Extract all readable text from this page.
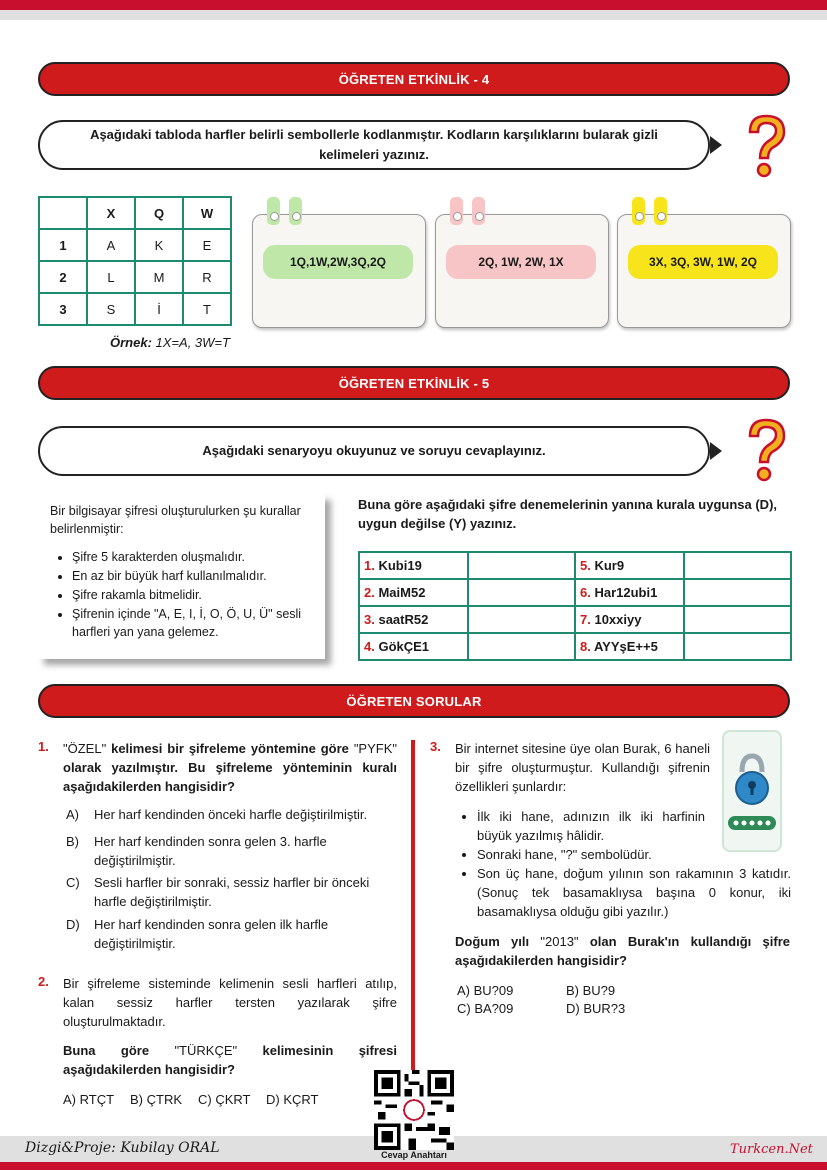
ÖĞRETEN ETKİNLİK - 4
Aşağıdaki tabloda harfler belirli sembollerle kodlanmıştır. Kodların karşılıklarını bularak gizli kelimeleri yazınız.
	X	Q	W
1	A	K	E
2	L	M	R
3	S	İ	T
Örnek: 1X=A, 3W=T
1Q,1W,2W,3Q,2Q	2Q, 1W, 2W, 1X	3X, 3Q, 3W, 1W, 2Q
ÖĞRETEN ETKİNLİK - 5
Aşağıdaki senaryoyu okuyunuz ve soruyu cevaplayınız.
Bir bilgisayar şifresi oluşturulurken şu kurallar belirlenmiştir:
• Şifre 5 karakterden oluşmalıdır.
• En az bir büyük harf kullanılmalıdır.
• Şifre rakamla bitmelidir.
• Şifrenin içinde "A, E, I, İ, O, Ö, U, Ü" sesli harfleri yan yana gelemez.
Buna göre aşağıdaki şifre denemelerinin yanına kurala uygunsa (D), uygun değilse (Y) yazınız.
1. Kubi19		5. Kur9	
2. MaiM52		6. Har12ubi1	
3. saatR52		7. 10xxiyy	
4. GökÇE1		8. AYYşE++5	
ÖĞRETEN SORULAR
1. "ÖZEL" kelimesi bir şifreleme yöntemine göre "PYFK" olarak yazılmıştır. Bu şifreleme yönteminin kuralı aşağıdakilerden hangisidir?
A) Her harf kendinden önceki harfle değiştirilmiştir.
B) Her harf kendinden sonra gelen 3. harfle değiştirilmiştir.
C) Sesli harfler bir sonraki, sessiz harfler bir önceki harfle değiştirilmiştir.
D) Her harf kendinden sonra gelen ilk harfle değiştirilmiştir.
2. Bir şifreleme sisteminde kelimenin sesli harfleri atılıp, kalan sessiz harfler tersten yazılarak şifre oluşturulmaktadır.
Buna göre "TÜRKÇE" kelimesinin şifresi aşağıdakilerden hangisidir?
A) RTÇT B) ÇTRK C) ÇKRT D) KÇRT
3. Bir internet sitesine üye olan Burak, 6 haneli bir şifre oluşturmuştur. Kullandığı şifrenin özellikleri şunlardır:
• İlk iki hane, adınızın ilk iki harfinin büyük yazılmış hâlidir.
• Sonraki hane, "?" sembolüdür.
• Son üç hane, doğum yılının son rakamının 3 katıdır. (Sonuç tek basamaklıysa başına 0 konur, iki basamaklıysa olduğu gibi yazılır.)
Doğum yılı "2013" olan Burak'ın kullandığı şifre aşağıdakilerden hangisidir?
A) BU?09	B) BU?9
C) BA?09	D) BUR?3
Dizgi&Proje: Kubilay ORAL	Turkcen.Net
Cevap Anahtarı
